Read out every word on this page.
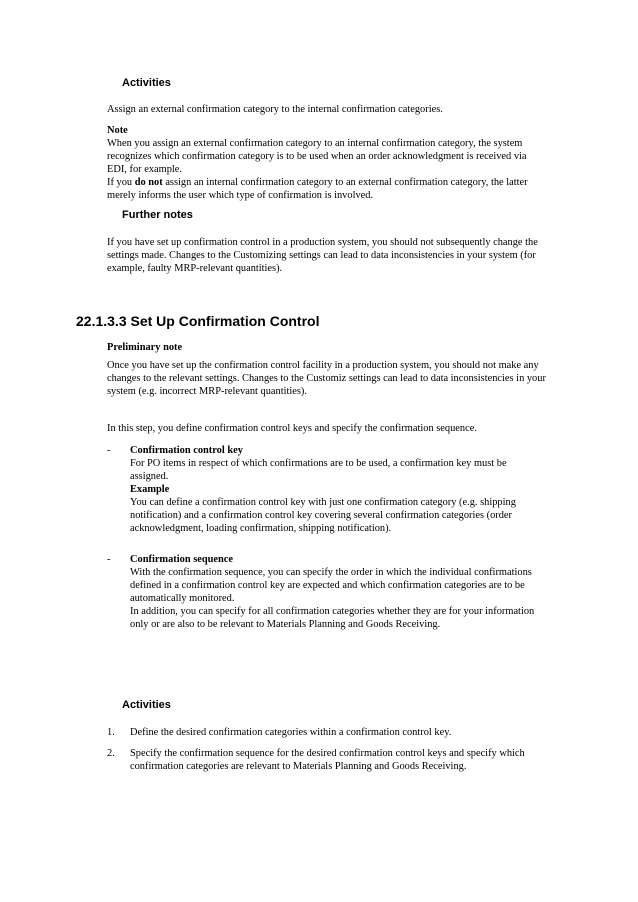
Activities
Assign an external confirmation category to the internal confirmation categories.
Note
When you assign an external confirmation category to an internal confirmation category, the system
recognizes which confirmation category is to be used when an order acknowledgment is received via
EDI, for example.
If you do not assign an internal confirmation category to an external confirmation category, the latter
merely informs the user which type of confirmation is involved.
Further notes
If you have set up confirmation control in a production system, you should not subsequently change the
settings made. Changes to the Customizing settings can lead to data inconsistencies in your system (for
example, faulty MRP-relevant quantities).
22.1.3.3 Set Up Confirmation Control
Preliminary note
Once you have set up the confirmation control facility in a production system, you should not make any
changes to the relevant settings. Changes to the Customiz settings can lead to data inconsistencies in your
system (e.g. incorrect MRP-relevant quantities).
In this step, you define confirmation control keys and specify the confirmation sequence.
- Confirmation control key
For PO items in respect of which confirmations are to be used, a confirmation key must be
assigned.
Example
You can define a confirmation control key with just one confirmation category (e.g. shipping
notification) and a confirmation control key covering several confirmation categories (order
acknowledgment, loading confirmation, shipping notification).
- Confirmation sequence
With the confirmation sequence, you can specify the order in which the individual confirmations
defined in a confirmation control key are expected and which confirmation categories are to be
automatically monitored.
In addition, you can specify for all confirmation categories whether they are for your information
only or are also to be relevant to Materials Planning and Goods Receiving.
Activities
1. Define the desired confirmation categories within a confirmation control key.
2. Specify the confirmation sequence for the desired confirmation control keys and specify which
confirmation categories are relevant to Materials Planning and Goods Receiving.
